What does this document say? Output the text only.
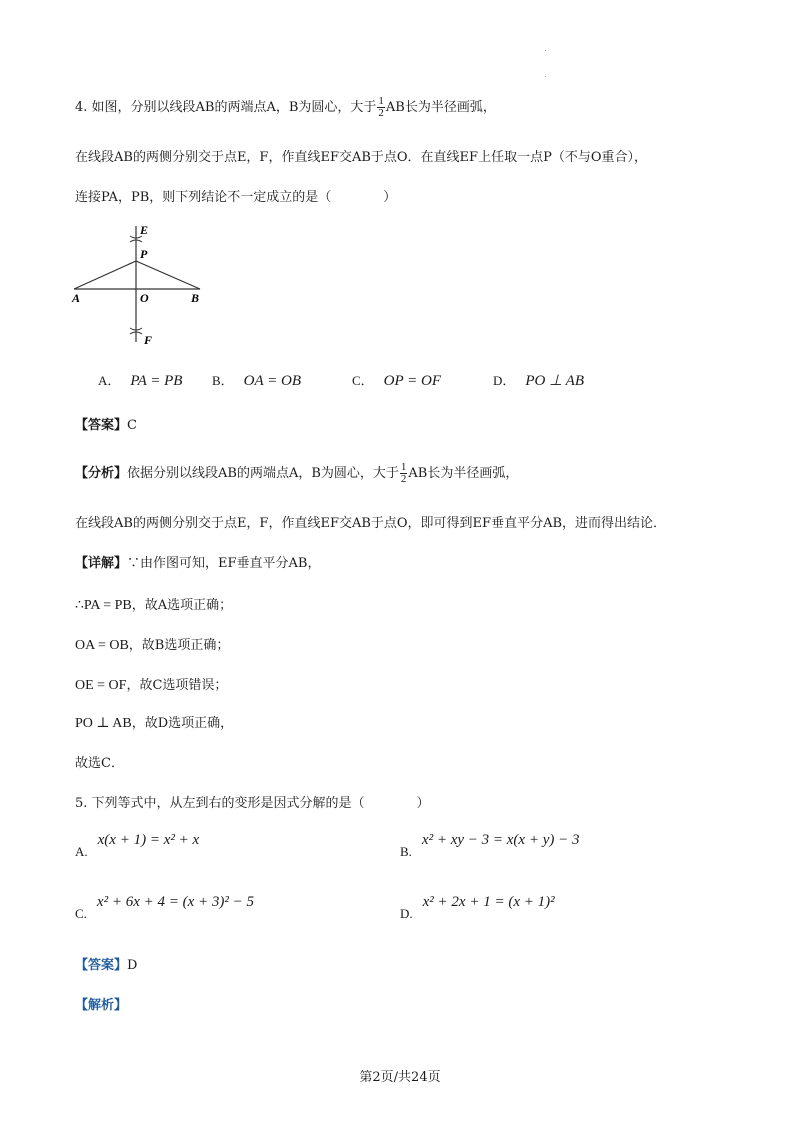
4. 如图，分别以线段AB的两端点A，B为圆心，大于 $\frac{1}{2}$ AB长为半径画弧，
在线段AB的两侧分别交于点E，F，作直线EF交AB于点O．在直线EF上任取一点P（不与O重合），
连接PA，PB，则下列结论不一定成立的是（　　　　）
E
P
A	O	B
F
A． PA = PB B． OA = OB	C． OP = OF	D． PO ⊥ AB
【答案】C
【分析】依据分别以线段AB的两端点A，B为圆心，大于 $\frac{1}{2}$ AB长为半径画弧，
在线段AB的两侧分别交于点E，F，作直线EF交AB于点O，即可得到EF垂直平分AB，进而得出结论．
【详解】∵由作图可知，EF垂直平分AB，
∴PA = PB，故A选项正确；
OA = OB，故B选项正确；
OE = OF，故C选项错误；
PO ⊥ AB，故D选项正确，
故选C．
5. 下列等式中，从左到右的变形是因式分解的是（　　　　）
A.x(x + 1) = x² + x
B.x² + xy − 3 = x(x + y) − 3
C.x² + 6x + 4 = (x + 3)² − 5
D.x² + 2x + 1 = (x + 1)²
【答案】D
【解析】
第2页/共24页
